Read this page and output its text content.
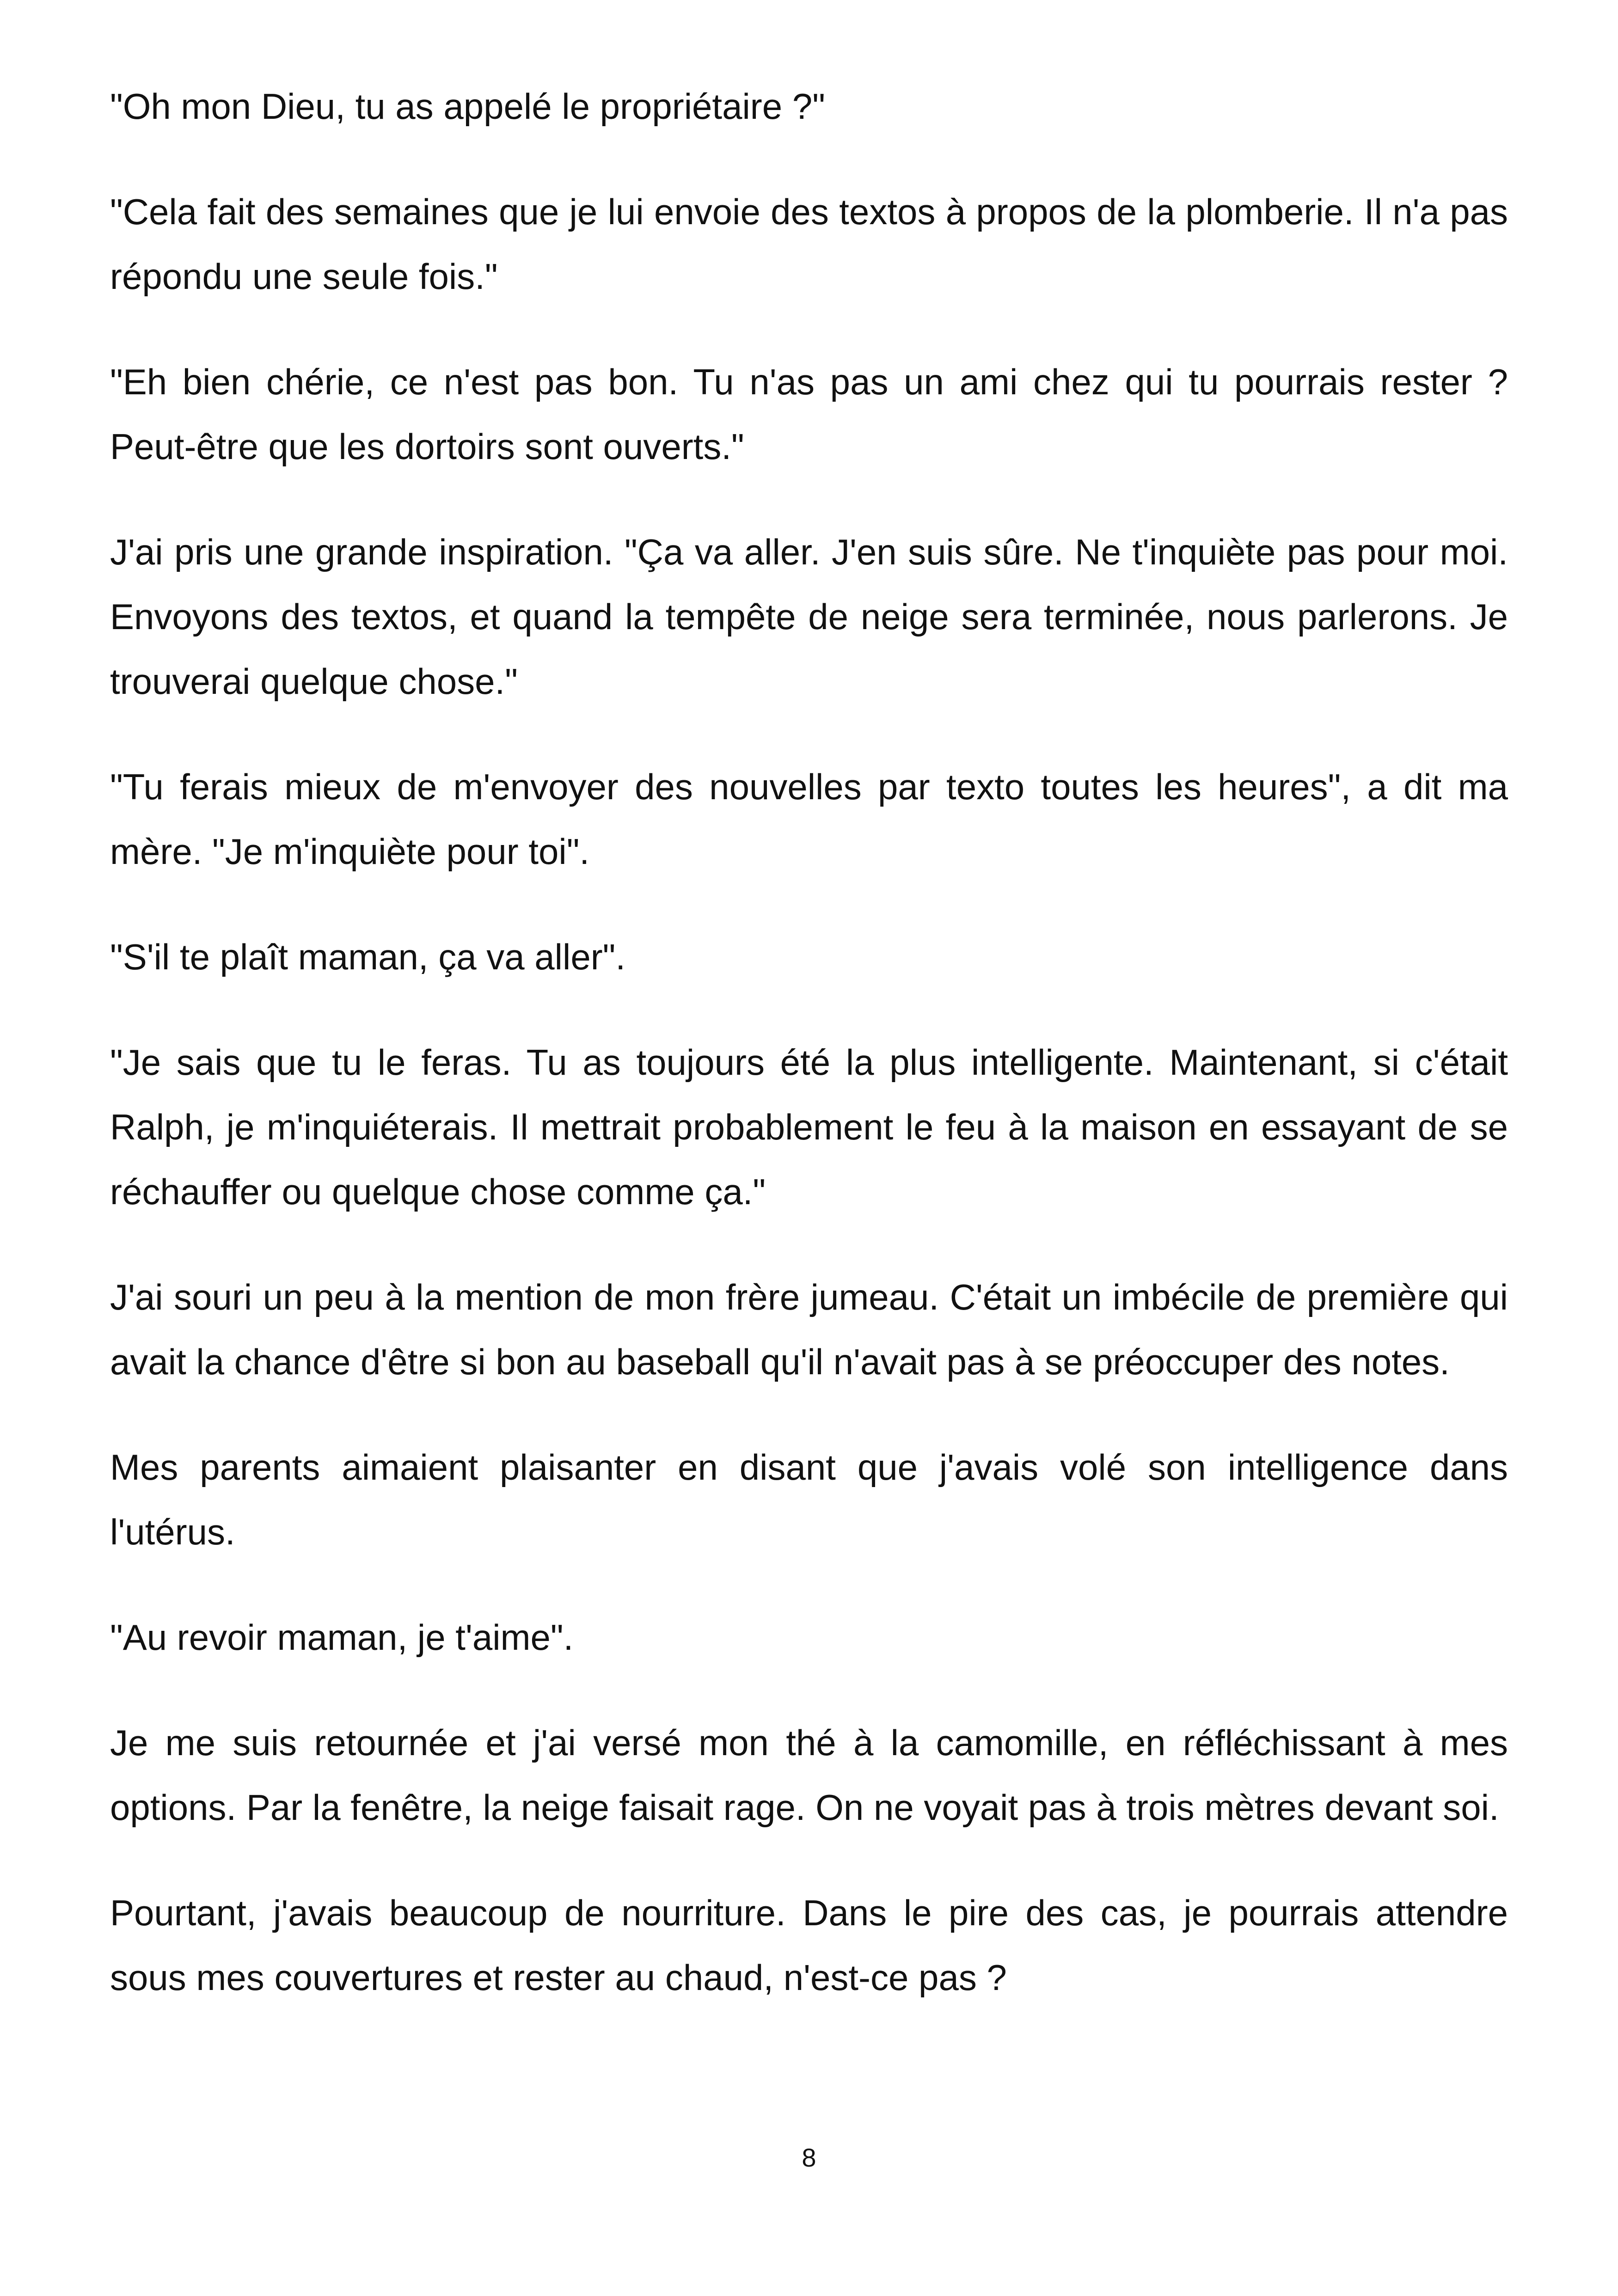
"Oh mon Dieu, tu as appelé le propriétaire ?"

"Cela fait des semaines que je lui envoie des textos à propos de la plomberie. Il n'a pas répondu une seule fois."

"Eh bien chérie, ce n'est pas bon. Tu n'as pas un ami chez qui tu pourrais rester ? Peut-être que les dortoirs sont ouverts."

J'ai pris une grande inspiration. "Ça va aller. J'en suis sûre. Ne t'inquiète pas pour moi. Envoyons des textos, et quand la tempête de neige sera terminée, nous parlerons. Je trouverai quelque chose."

"Tu ferais mieux de m'envoyer des nouvelles par texto toutes les heures", a dit ma mère. "Je m'inquiète pour toi".

"S'il te plaît maman, ça va aller".

"Je sais que tu le feras. Tu as toujours été la plus intelligente. Maintenant, si c'était Ralph, je m'inquiéterais. Il mettrait probablement le feu à la maison en essayant de se réchauffer ou quelque chose comme ça."

J'ai souri un peu à la mention de mon frère jumeau. C'était un imbécile de première qui avait la chance d'être si bon au baseball qu'il n'avait pas à se préoccuper des notes.

Mes parents aimaient plaisanter en disant que j'avais volé son intelligence dans l'utérus.

"Au revoir maman, je t'aime".

Je me suis retournée et j'ai versé mon thé à la camomille, en réfléchissant à mes options. Par la fenêtre, la neige faisait rage. On ne voyait pas à trois mètres devant soi.

Pourtant, j'avais beaucoup de nourriture. Dans le pire des cas, je pourrais attendre sous mes couvertures et rester au chaud, n'est-ce pas ?

8
